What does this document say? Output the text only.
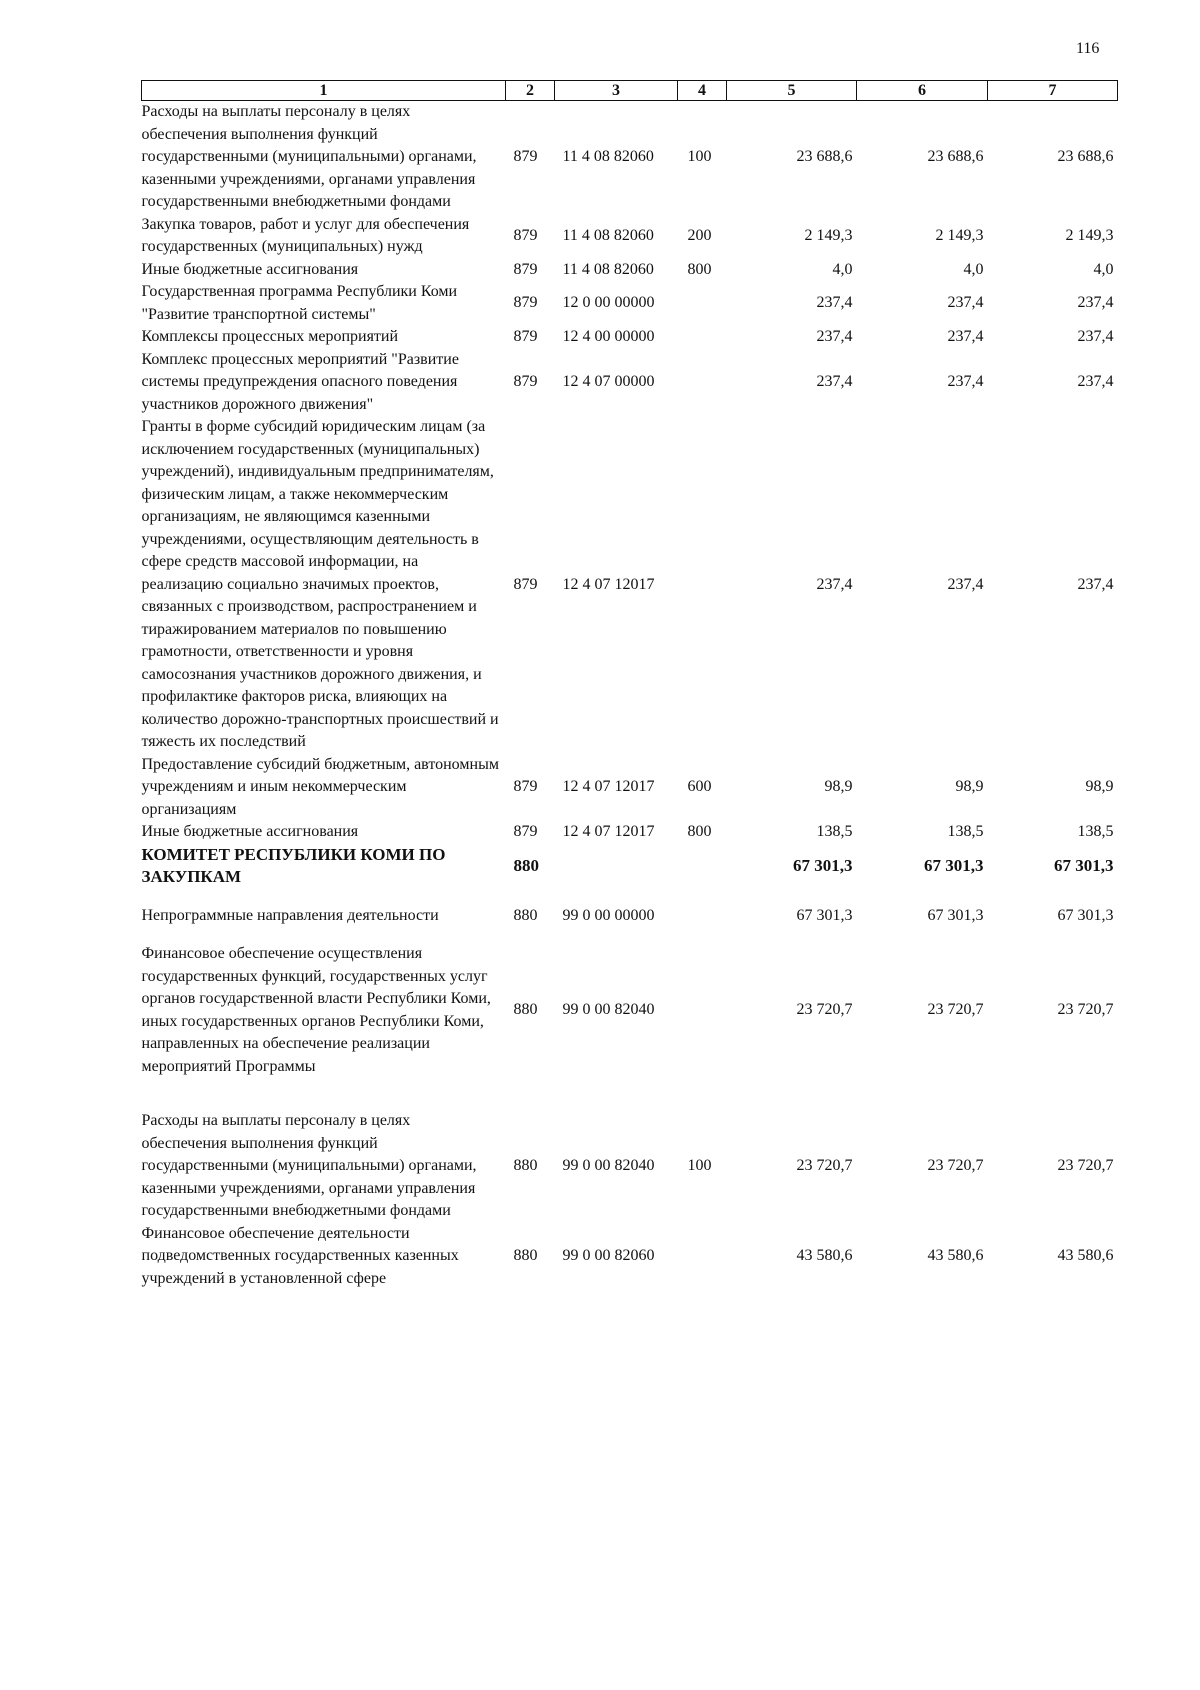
116
1	2	3	4	5	6	7
Расходы на выплаты персоналу в целях обеспечения выполнения функций государственными (муниципальными) органами, казенными учреждениями, органами управления государственными внебюджетными фондами	879	11 4 08 82060	100	23 688,6	23 688,6	23 688,6
Закупка товаров, работ и услуг для обеспечения государственных (муниципальных) нужд	879	11 4 08 82060	200	2 149,3	2 149,3	2 149,3
Иные бюджетные ассигнования	879	11 4 08 82060	800	4,0	4,0	4,0
Государственная программа Республики Коми "Развитие транспортной системы"	879	12 0 00 00000		237,4	237,4	237,4
Комплексы процессных мероприятий	879	12 4 00 00000		237,4	237,4	237,4
Комплекс процессных мероприятий "Развитие системы предупреждения опасного поведения участников дорожного движения"	879	12 4 07 00000		237,4	237,4	237,4
Гранты в форме субсидий юридическим лицам (за исключением государственных (муниципальных) учреждений), индивидуальным предпринимателям, физическим лицам, а также некоммерческим организациям, не являющимся казенными учреждениями, осуществляющим деятельность в сфере средств массовой информации, на реализацию социально значимых проектов, связанных с производством, распространением и тиражированием материалов по повышению грамотности, ответственности и уровня самосознания участников дорожного движения, и профилактике факторов риска, влияющих на количество дорожно-транспортных происшествий и тяжесть их последствий	879	12 4 07 12017		237,4	237,4	237,4
Предоставление субсидий бюджетным, автономным учреждениям и иным некоммерческим организациям	879	12 4 07 12017	600	98,9	98,9	98,9
Иные бюджетные ассигнования	879	12 4 07 12017	800	138,5	138,5	138,5
КОМИТЕТ РЕСПУБЛИКИ КОМИ ПО ЗАКУПКАМ	880			67 301,3	67 301,3	67 301,3
Непрограммные направления деятельности	880	99 0 00 00000		67 301,3	67 301,3	67 301,3
Финансовое обеспечение осуществления государственных функций, государственных услуг органов государственной власти Республики Коми, иных государственных органов Республики Коми, направленных на обеспечение реализации мероприятий Программы	880	99 0 00 82040		23 720,7	23 720,7	23 720,7
Расходы на выплаты персоналу в целях обеспечения выполнения функций государственными (муниципальными) органами, казенными учреждениями, органами управления государственными внебюджетными фондами	880	99 0 00 82040	100	23 720,7	23 720,7	23 720,7
Финансовое обеспечение деятельности подведомственных государственных казенных учреждений в установленной сфере	880	99 0 00 82060		43 580,6	43 580,6	43 580,6
